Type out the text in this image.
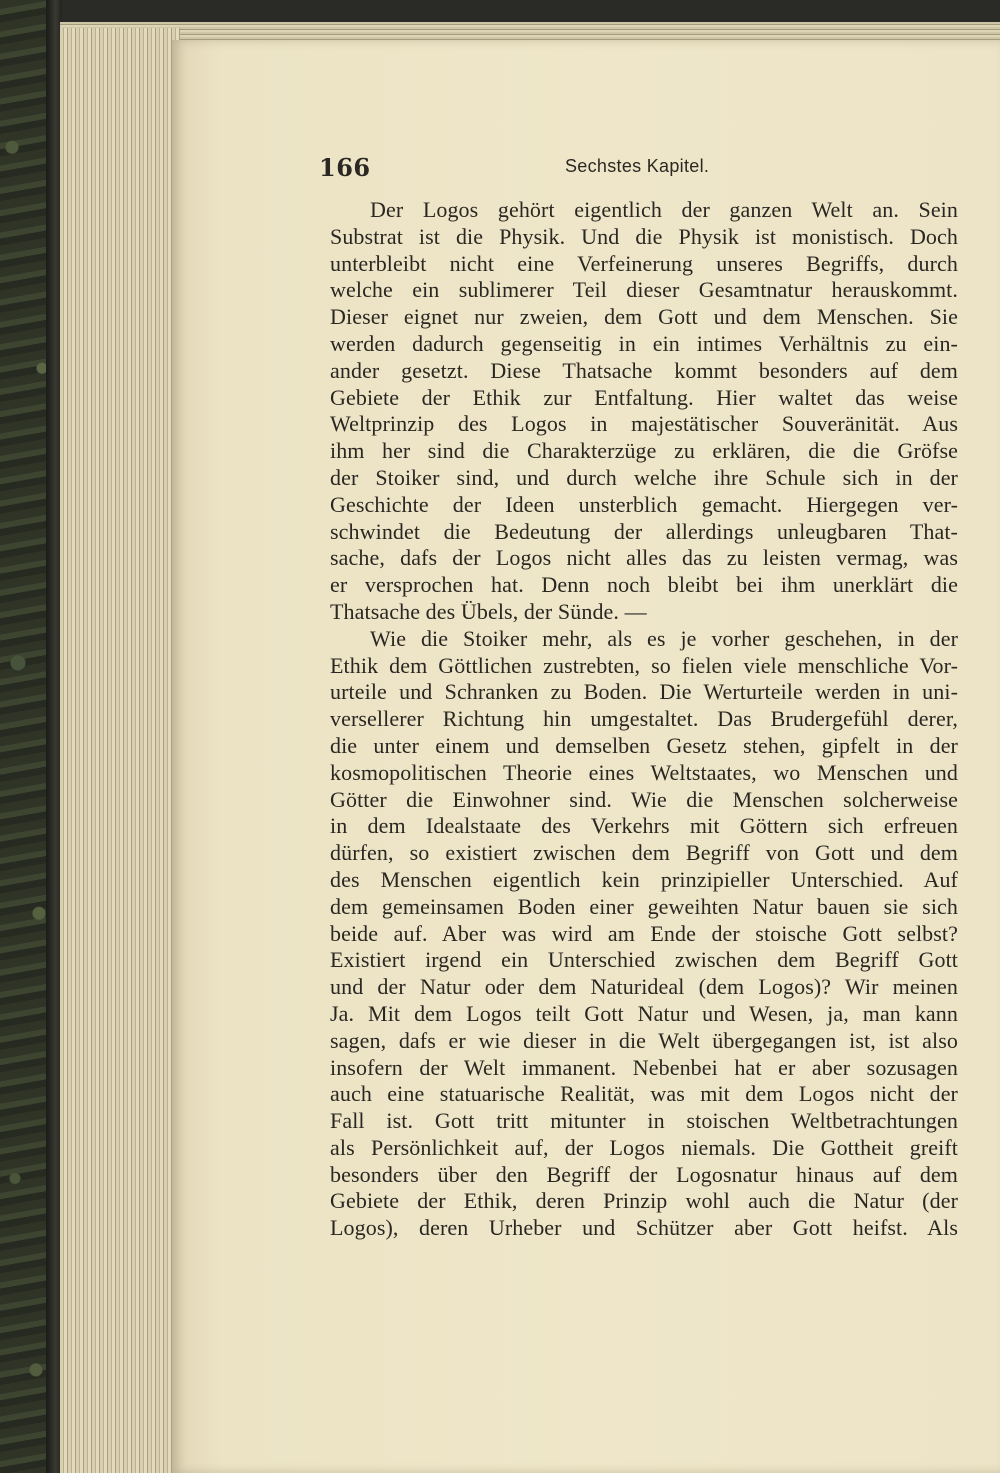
166	Sechstes Kapitel.
Der Logos gehört eigentlich der ganzen Welt an. Sein
Substrat ist die Physik. Und die Physik ist monistisch. Doch
unterbleibt nicht eine Verfeinerung unseres Begriffs, durch
welche ein sublimerer Teil dieser Gesamtnatur herauskommt.
Dieser eignet nur zweien, dem Gott und dem Menschen. Sie
werden dadurch gegenseitig in ein intimes Verhältnis zu ein-
ander gesetzt. Diese Thatsache kommt besonders auf dem
Gebiete der Ethik zur Entfaltung. Hier waltet das weise
Weltprinzip des Logos in majestätischer Souveränität. Aus
ihm her sind die Charakterzüge zu erklären, die die Gröfse
der Stoiker sind, und durch welche ihre Schule sich in der
Geschichte der Ideen unsterblich gemacht. Hiergegen ver-
schwindet die Bedeutung der allerdings unleugbaren That-
sache, dafs der Logos nicht alles das zu leisten vermag, was
er versprochen hat. Denn noch bleibt bei ihm unerklärt die
Thatsache des Übels, der Sünde. —
Wie die Stoiker mehr, als es je vorher geschehen, in der
Ethik dem Göttlichen zustrebten, so fielen viele menschliche Vor-
urteile und Schranken zu Boden. Die Werturteile werden in uni-
versellerer Richtung hin umgestaltet. Das Brudergefühl derer,
die unter einem und demselben Gesetz stehen, gipfelt in der
kosmopolitischen Theorie eines Weltstaates, wo Menschen und
Götter die Einwohner sind. Wie die Menschen solcherweise
in dem Idealstaate des Verkehrs mit Göttern sich erfreuen
dürfen, so existiert zwischen dem Begriff von Gott und dem
des Menschen eigentlich kein prinzipieller Unterschied. Auf
dem gemeinsamen Boden einer geweihten Natur bauen sie sich
beide auf. Aber was wird am Ende der stoische Gott selbst?
Existiert irgend ein Unterschied zwischen dem Begriff Gott
und der Natur oder dem Naturideal (dem Logos)? Wir meinen
Ja. Mit dem Logos teilt Gott Natur und Wesen, ja, man kann
sagen, dafs er wie dieser in die Welt übergegangen ist, ist also
insofern der Welt immanent. Nebenbei hat er aber sozusagen
auch eine statuarische Realität, was mit dem Logos nicht der
Fall ist. Gott tritt mitunter in stoischen Weltbetrachtungen
als Persönlichkeit auf, der Logos niemals. Die Gottheit greift
besonders über den Begriff der Logosnatur hinaus auf dem
Gebiete der Ethik, deren Prinzip wohl auch die Natur (der
Logos), deren Urheber und Schützer aber Gott heifst. Als
